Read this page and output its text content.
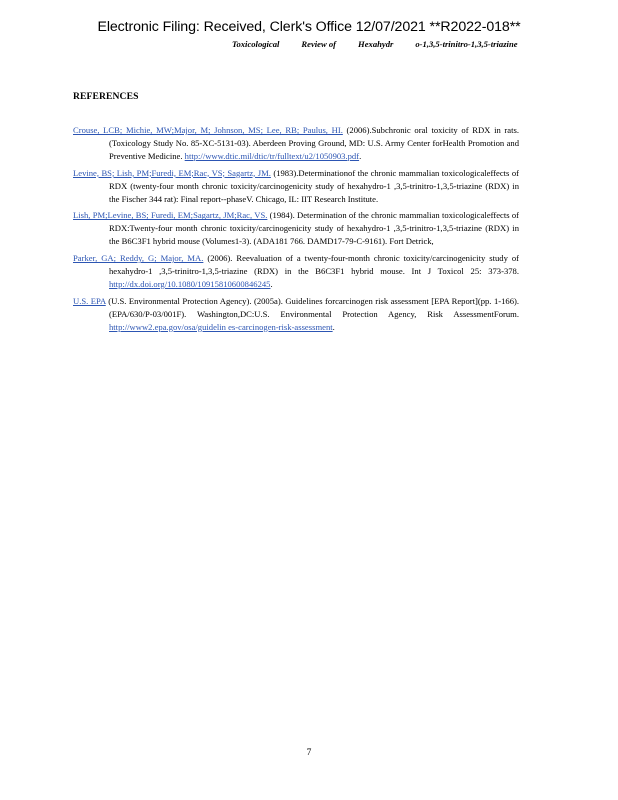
Electronic Filing: Received, Clerk's Office 12/07/2021 **R2022-018**
Toxicological	Review of	Hexahydr	o-1,3,5-trinitro-1,3,5-triazine
REFERENCES

Crouse, LCB; Michie, MW;Major, M; Johnson, MS; Lee, RB; Paulus, HI. (2006).Subchronic oral toxicity of RDX in rats. (Toxicology Study No. 85-XC-5131-03). Aberdeen Proving Ground, MD: U.S. Army Center forHealth Promotion and Preventive Medicine. http://www.dtic.mil/dtic/tr/fulltext/u2/1050903.pdf.

Levine, BS; Lish, PM;Furedi, EM;Rac, VS; Sagartz, JM. (1983).Determinationof the chronic mammalian toxicologicaleffects of RDX (twenty-four month chronic toxicity/carcinogenicity study of hexahydro-1 ,3,5-trinitro-1,3,5-triazine (RDX) in the Fischer 344 rat): Final report--phaseV. Chicago, IL: IIT Research Institute.

Lish, PM;Levine, BS; Furedi, EM;Sagartz, JM;Rac, VS. (1984). Determination of the chronic mammalian toxicologicaleffects of RDX:Twenty-four month chronic toxicity/carcinogenicity study of hexahydro-1 ,3,5-trinitro-1,3,5-triazine (RDX) in the B6C3F1 hybrid mouse (Volumes1-3). (ADA181 766. DAMD17-79-C-9161). Fort Detrick,

Parker, GA; Reddy, G; Major, MA. (2006). Reevaluation of a twenty-four-month chronic toxicity/carcinogenicity study of hexahydro-1 ,3,5-trinitro-1,3,5-triazine (RDX) in the B6C3F1 hybrid mouse. Int J Toxicol 25: 373-378. http://dx.doi.org/10.1080/10915810600846245.

U.S. EPA (U.S. Environmental Protection Agency). (2005a). Guidelines forcarcinogen risk assessment [EPA Report](pp. 1-166). (EPA/630/P-03/001F). Washington,DC:U.S. Environmental Protection Agency, Risk AssessmentForum. http://www2.epa.gov/osa/guidelin es-carcinogen-risk-assessment.

7
